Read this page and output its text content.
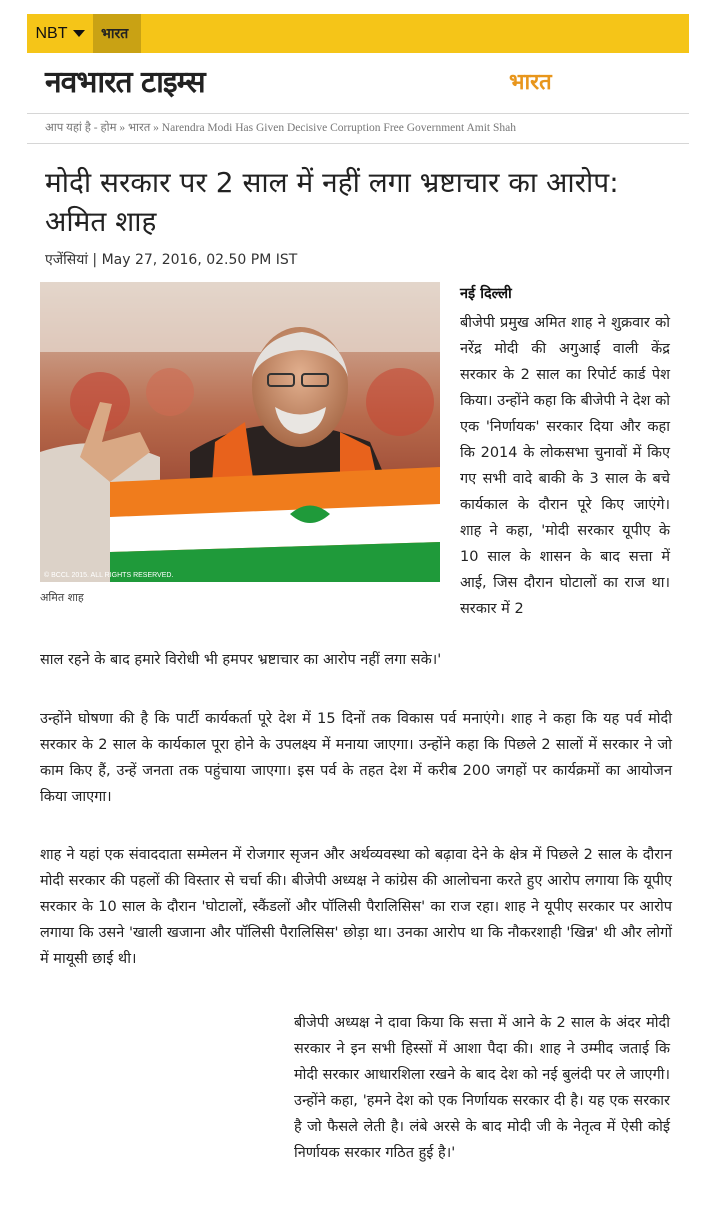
NBT	भारत
नवभारत टाइम्स	भारत
आप यहां है - होम » भारत » Narendra Modi Has Given Decisive Corruption Free Government Amit Shah
मोदी सरकार पर 2 साल में नहीं लगा भ्रष्टाचार का आरोप: अमित शाह
एजेंसियां | May 27, 2016, 02.50 PM IST
© BCCL 2015. ALL RIGHTS RESERVED.
अमित शाह
नई दिल्ली
बीजेपी प्रमुख अमित शाह ने शुक्रवार को नरेंद्र मोदी की अगुआई वाली केंद्र सरकार के 2 साल का रिपोर्ट कार्ड पेश किया। उन्होंने कहा कि बीजेपी ने देश को एक 'निर्णायक' सरकार दिया और कहा कि 2014 के लोकसभा चुनावों में किए गए सभी वादे बाकी के 3 साल के बचे कार्यकाल के दौरान पूरे किए जाएंगे। शाह ने कहा, 'मोदी सरकार यूपीए के 10 साल के शासन के बाद सत्ता में आई, जिस दौरान घोटालों का राज था। सरकार में 2
साल रहने के बाद हमारे विरोधी भी हमपर भ्रष्टाचार का आरोप नहीं लगा सके।'
उन्होंने घोषणा की है कि पार्टी कार्यकर्ता पूरे देश में 15 दिनों तक विकास पर्व मनाएंगे। शाह ने कहा कि यह पर्व मोदी सरकार के 2 साल के कार्यकाल पूरा होने के उपलक्ष्य में मनाया जाएगा। उन्होंने कहा कि पिछले 2 सालों में सरकार ने जो काम किए हैं, उन्हें जनता तक पहुंचाया जाएगा। इस पर्व के तहत देश में करीब 200 जगहों पर कार्यक्रमों का आयोजन किया जाएगा।
शाह ने यहां एक संवाददाता सम्मेलन में रोजगार सृजन और अर्थव्यवस्था को बढ़ावा देने के क्षेत्र में पिछले 2 साल के दौरान मोदी सरकार की पहलों की विस्तार से चर्चा की। बीजेपी अध्यक्ष ने कांग्रेस की आलोचना करते हुए आरोप लगाया कि यूपीए सरकार के 10 साल के दौरान 'घोटालों, स्कैंडलों और पॉलिसी पैरालिसिस' का राज रहा। शाह ने यूपीए सरकार पर आरोप लगाया कि उसने 'खाली खजाना और पॉलिसी पैरालिसिस' छोड़ा था। उनका आरोप था कि नौकरशाही 'खिन्न' थी और लोगों में मायूसी छाई थी।
बीजेपी अध्यक्ष ने दावा किया कि सत्ता में आने के 2 साल के अंदर मोदी सरकार ने इन सभी हिस्सों में आशा पैदा की। शाह ने उम्मीद जताई कि मोदी सरकार आधारशिला रखने के बाद देश को नई बुलंदी पर ले जाएगी। उन्होंने कहा, 'हमने देश को एक निर्णायक सरकार दी है। यह एक सरकार है जो फैसले लेती है। लंबे अरसे के बाद मोदी जी के नेतृत्व में ऐसी कोई निर्णायक सरकार गठित हुई है।'
